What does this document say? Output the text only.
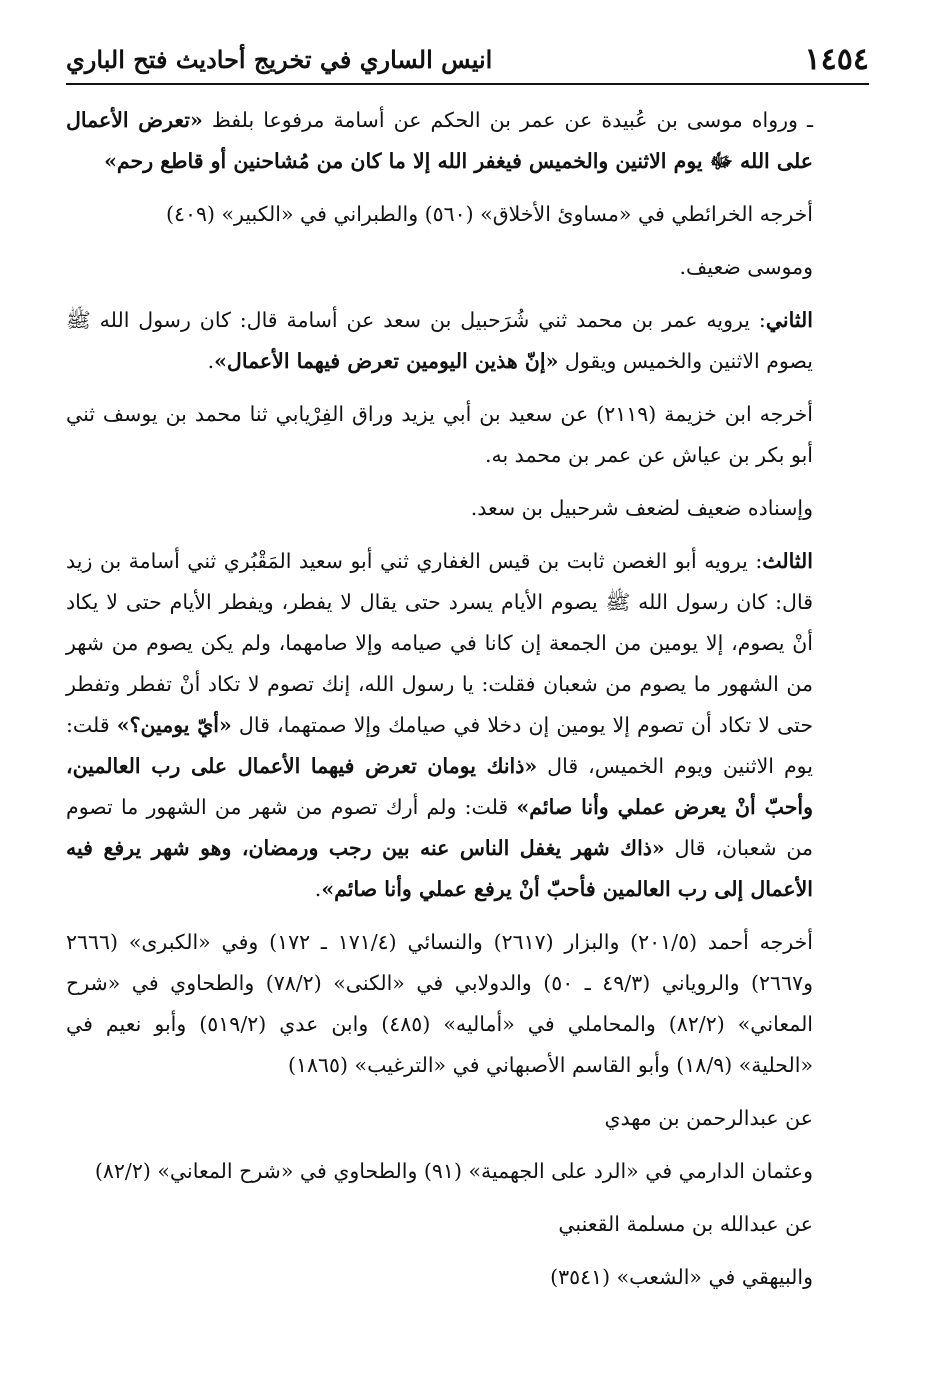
١٤٥٤
انيس الساري في تخريج أحاديث فتح الباري

ـ ورواه موسى بن عُبيدة عن عمر بن الحكم عن أسامة مرفوعا بلفظ «تعرض الأعمال على الله ﷻ يوم الاثنين والخميس فيغفر الله إلا ما كان من مُشاحنين أو قاطع رحم»

أخرجه الخرائطي في «مساوئ الأخلاق» (٥٦٠) والطبراني في «الكبير» (٤٠٩)

وموسى ضعيف.

الثاني: يرويه عمر بن محمد ثني شُرَحبيل بن سعد عن أسامة قال: كان رسول الله ﷺ يصوم الاثنين والخميس ويقول «إنّ هذين اليومين تعرض فيهما الأعمال».

أخرجه ابن خزيمة (٢١١٩) عن سعيد بن أبي يزيد وراق الفِرْيابي ثنا محمد بن يوسف ثني أبو بكر بن عياش عن عمر بن محمد به.

وإسناده ضعيف لضعف شرحبيل بن سعد.

الثالث: يرويه أبو الغصن ثابت بن قيس الغفاري ثني أبو سعيد المَقْبُري ثني أسامة بن زيد قال: كان رسول الله ﷺ يصوم الأيام يسرد حتى يقال لا يفطر، ويفطر الأيام حتى لا يكاد أنْ يصوم، إلا يومين من الجمعة إن كانا في صيامه وإلا صامهما، ولم يكن يصوم من شهر من الشهور ما يصوم من شعبان فقلت: يا رسول الله، إنك تصوم لا تكاد أنْ تفطر وتفطر حتى لا تكاد أن تصوم إلا يومين إن دخلا في صيامك وإلا صمتهما، قال «أيّ يومين؟» قلت: يوم الاثنين ويوم الخميس، قال «ذانك يومان تعرض فيهما الأعمال على رب العالمين، وأحبّ أنْ يعرض عملي وأنا صائم» قلت: ولم أرك تصوم من شهر من الشهور ما تصوم من شعبان، قال «ذاك شهر يغفل الناس عنه بين رجب ورمضان، وهو شهر يرفع فيه الأعمال إلى رب العالمين فأحبّ أنْ يرفع عملي وأنا صائم».

أخرجه أحمد (٢٠١/٥) والبزار (٢٦١٧) والنسائي (١٧١/٤ ـ ١٧٢) وفي «الكبرى» (٢٦٦٦ و٢٦٦٧) والروياني (٤٩/٣ ـ ٥٠) والدولابي في «الكنى» (٧٨/٢) والطحاوي في «شرح المعاني» (٨٢/٢) والمحاملي في «أماليه» (٤٨٥) وابن عدي (٥١٩/٢) وأبو نعيم في «الحلية» (١٨/٩) وأبو القاسم الأصبهاني في «الترغيب» (١٨٦٥)

عن عبدالرحمن بن مهدي

وعثمان الدارمي في «الرد على الجهمية» (٩١) والطحاوي في «شرح المعاني» (٨٢/٢)

عن عبدالله بن مسلمة القعنبي

والبيهقي في «الشعب» (٣٥٤١)
